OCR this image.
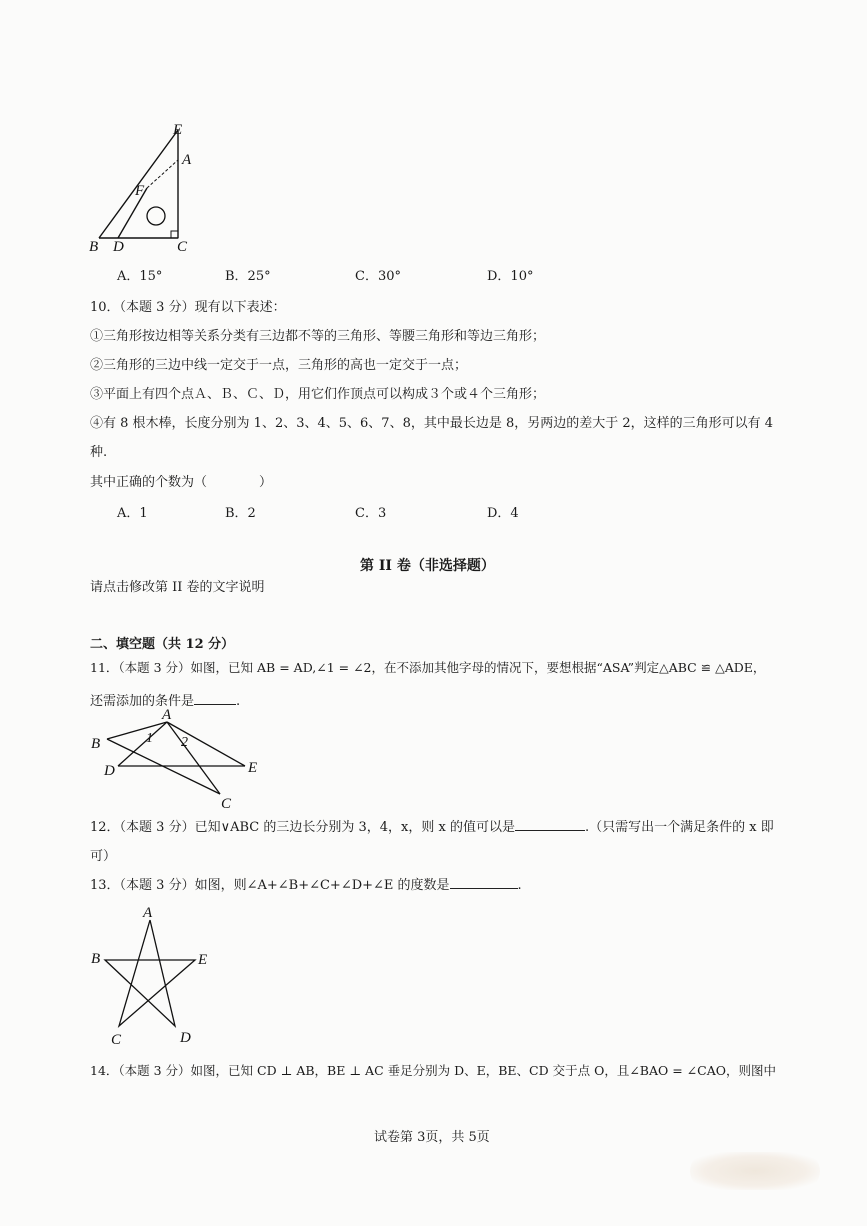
E
A
F
B D	C
A．15°	B．25°	C．30°	D．10°
10．（本题 3 分）现有以下表述：
①三角形按边相等关系分类有三边都不等的三角形、等腰三角形和等边三角形；
②三角形的三边中线一定交于一点，三角形的高也一定交于一点；
③平面上有四个点Ａ、Ｂ、Ｃ、Ｄ，用它们作顶点可以构成３个或４个三角形；
④有 8 根木棒，长度分别为 1、2、3、4、5、6、7、8，其中最长边是 8，另两边的差大于 2，这样的三角形可以有 4
种.
其中正确的个数为（　　　　）
A．1	B．2	C．3	D．4
第 II 卷（非选择题）
请点击修改第 II 卷的文字说明
二、填空题（共 12 分）
11．（本题 3 分）如图，已知 AB = AD,∠1 = ∠2，在不添加其他字母的情况下，要想根据“ASA”判定△ABC ≌ △ADE，
还需添加的条件是	.
A
B
D	E
C
1 2
12．（本题 3 分）已知∨ABC 的三边长分别为 3，4，x，则 x 的值可以是	.（只需写出一个满足条件的 x 即
可）
13．（本题 3 分）如图，则∠A+∠B+∠C+∠D+∠E 的度数是	.
A
B	E
C	D
14．（本题 3 分）如图，已知 CD ⊥ AB，BE ⊥ AC 垂足分别为 D、E，BE、CD 交于点 O，且∠BAO = ∠CAO，则图中
试卷第 3页，共 5页
